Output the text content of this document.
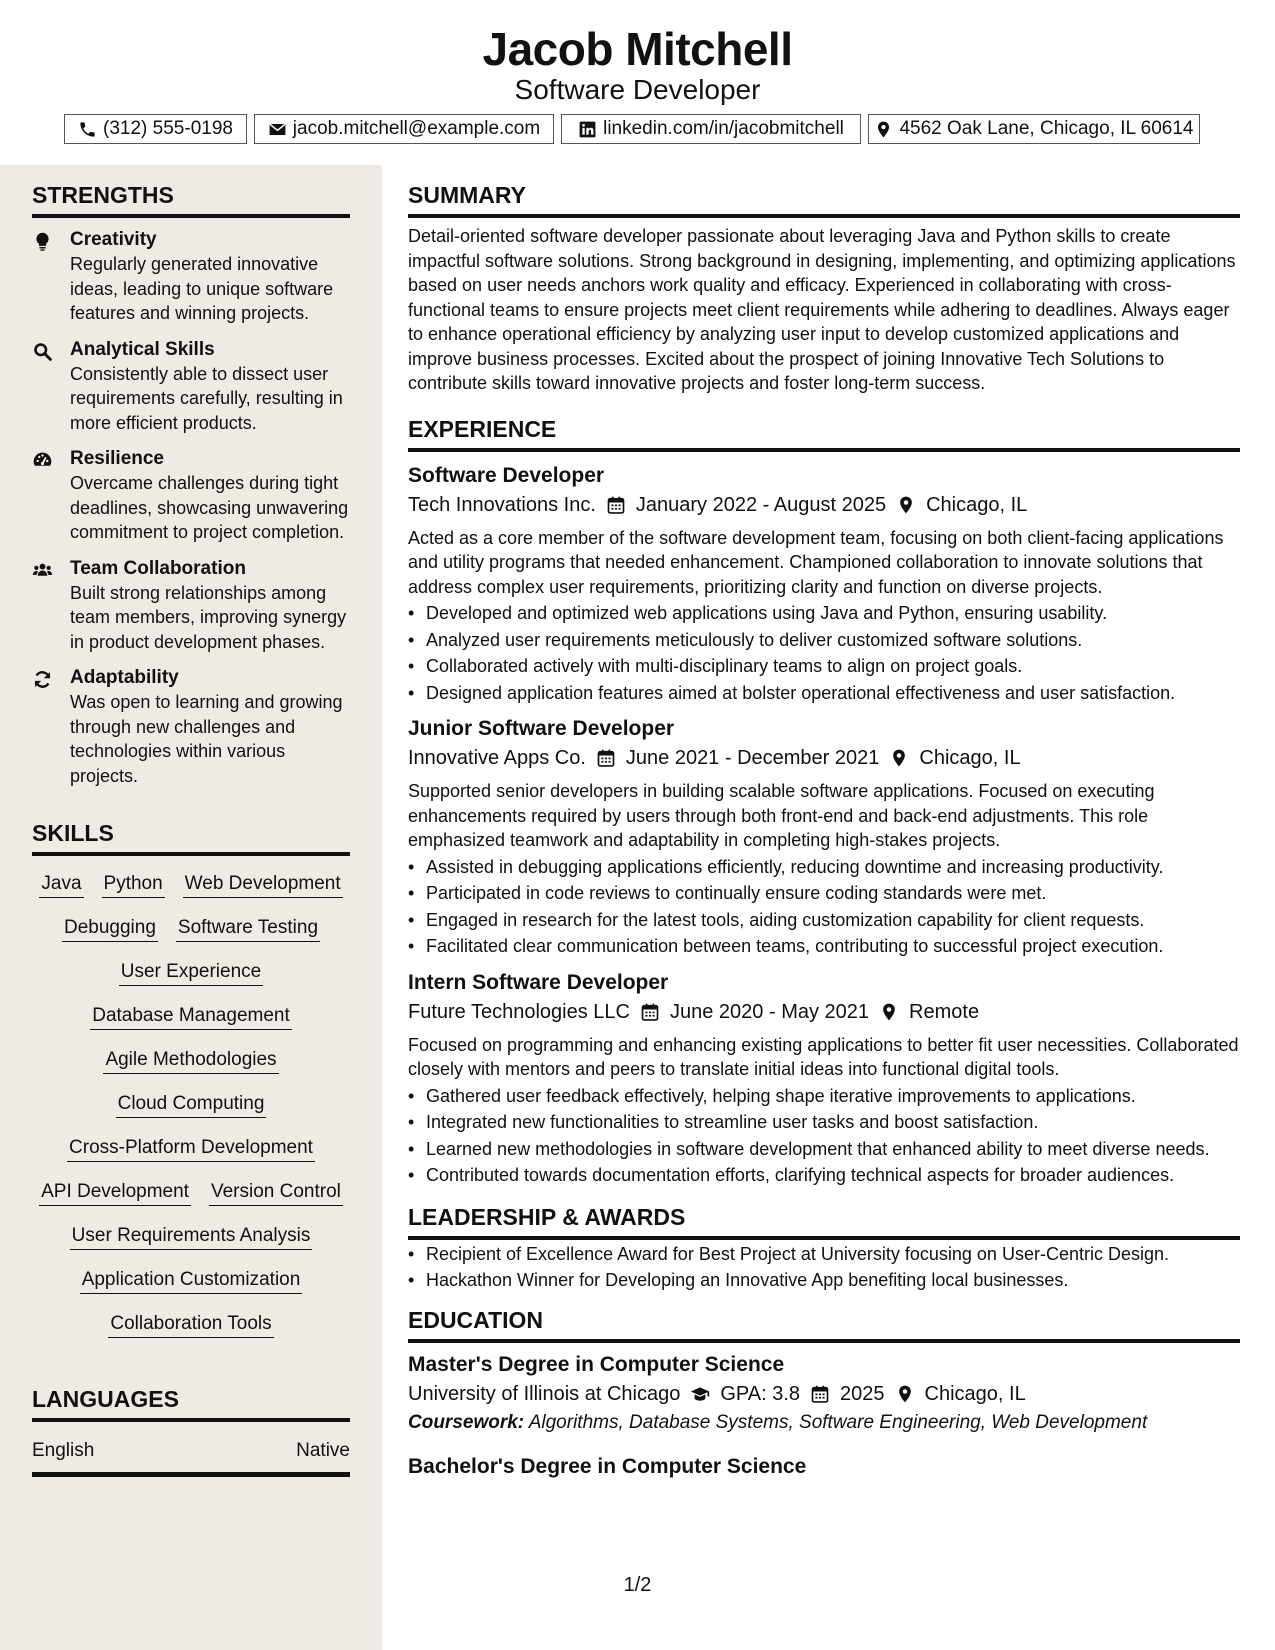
Jacob Mitchell
Software Developer
(312) 555-0198	jacob.mitchell@example.com	linkedin.com/in/jacobmitchell	4562 Oak Lane, Chicago, IL 60614
STRENGTHS
Creativity

Regularly generated innovative ideas, leading to unique software features and winning projects.

Analytical Skills

Consistently able to dissect user requirements carefully, resulting in more efficient products.

Resilience

Overcame challenges during tight deadlines, showcasing unwavering commitment to project completion.

Team Collaboration

Built strong relationships among team members, improving synergy in product development phases.

Adaptability

Was open to learning and growing through new challenges and technologies within various projects.

SKILLS
Java Python Web Development
Debugging Software Testing
User Experience
Database Management
Agile Methodologies
Cloud Computing
Cross-Platform Development
API Development Version Control
User Requirements Analysis
Application Customization
Collaboration Tools
LANGUAGES
English	Native
SUMMARY

Detail-oriented software developer passionate about leveraging Java and Python skills to create impactful software solutions. Strong background in designing, implementing, and optimizing applications based on user needs anchors work quality and efficacy. Experienced in collaborating with cross-functional teams to ensure projects meet client requirements while adhering to deadlines. Always eager to enhance operational efficiency by analyzing user input to develop customized applications and improve business processes. Excited about the prospect of joining Innovative Tech Solutions to contribute skills toward innovative projects and foster long-term success.

EXPERIENCE
Software Developer
Tech Innovations Inc. January 2022 - August 2025 Chicago, IL

Acted as a core member of the software development team, focusing on both client-facing applications and utility programs that needed enhancement. Championed collaboration to innovate solutions that address complex user requirements, prioritizing clarity and function on diverse projects.

• Developed and optimized web applications using Java and Python, ensuring usability.
• Analyzed user requirements meticulously to deliver customized software solutions.
• Collaborated actively with multi-disciplinary teams to align on project goals.
• Designed application features aimed at bolster operational effectiveness and user satisfaction.
Junior Software Developer
Innovative Apps Co. June 2021 - December 2021 Chicago, IL

Supported senior developers in building scalable software applications. Focused on executing enhancements required by users through both front-end and back-end adjustments. This role emphasized teamwork and adaptability in completing high-stakes projects.

• Assisted in debugging applications efficiently, reducing downtime and increasing productivity.
• Participated in code reviews to continually ensure coding standards were met.
• Engaged in research for the latest tools, aiding customization capability for client requests.
• Facilitated clear communication between teams, contributing to successful project execution.
Intern Software Developer
Future Technologies LLC June 2020 - May 2021 Remote

Focused on programming and enhancing existing applications to better fit user necessities. Collaborated closely with mentors and peers to translate initial ideas into functional digital tools.

• Gathered user feedback effectively, helping shape iterative improvements to applications.
• Integrated new functionalities to streamline user tasks and boost satisfaction.
• Learned new methodologies in software development that enhanced ability to meet diverse needs.
• Contributed towards documentation efforts, clarifying technical aspects for broader audiences.
LEADERSHIP & AWARDS
• Recipient of Excellence Award for Best Project at University focusing on User-Centric Design.
• Hackathon Winner for Developing an Innovative App benefiting local businesses.
EDUCATION
Master's Degree in Computer Science
University of Illinois at Chicago GPA: 3.8 2025 Chicago, IL
Coursework: Algorithms, Database Systems, Software Engineering, Web Development
Bachelor's Degree in Computer Science
1/2
